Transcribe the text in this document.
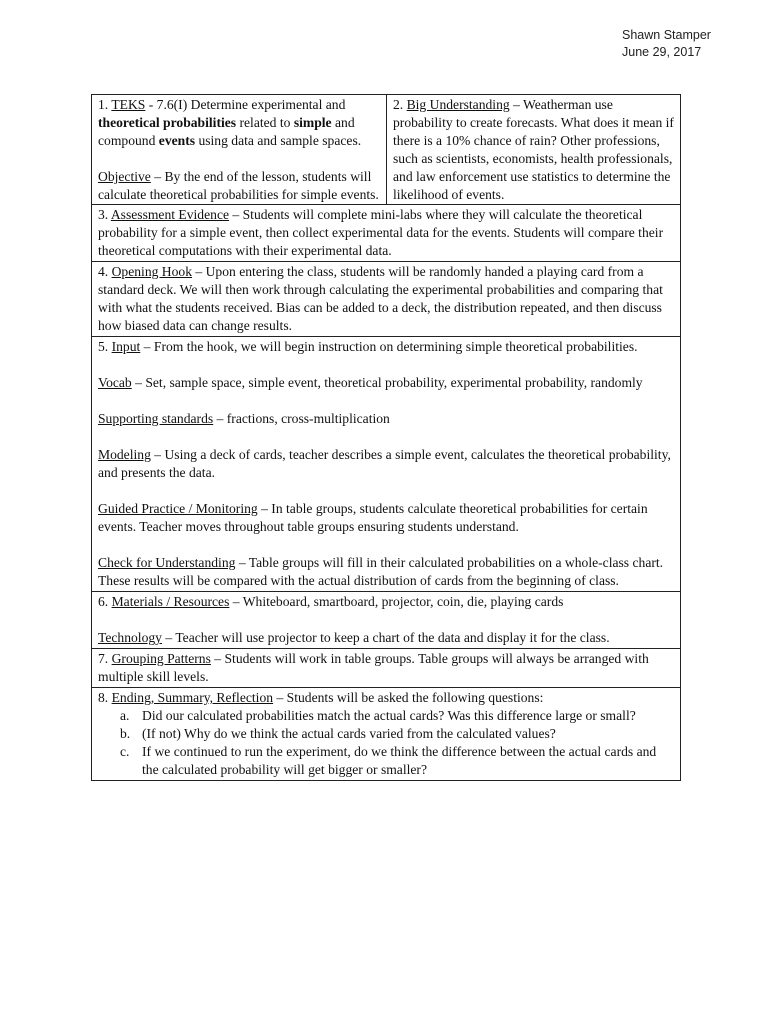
Shawn Stamper
June 29, 2017

1. TEKS - 7.6(I) Determine experimental and theoretical probabilities related to simple and compound events using data and sample spaces.

Objective – By the end of the lesson, students will calculate theoretical probabilities for simple events.

2. Big Understanding – Weatherman use probability to create forecasts. What does it mean if there is a 10% chance of rain? Other professions, such as scientists, economists, health professionals, and law enforcement use statistics to determine the likelihood of events.

3. Assessment Evidence – Students will complete mini-labs where they will calculate the theoretical probability for a simple event, then collect experimental data for the events. Students will compare their theoretical computations with their experimental data.

4. Opening Hook – Upon entering the class, students will be randomly handed a playing card from a standard deck. We will then work through calculating the experimental probabilities and comparing that with what the students received. Bias can be added to a deck, the distribution repeated, and then discuss how biased data can change results.

5. Input – From the hook, we will begin instruction on determining simple theoretical probabilities.

Vocab – Set, sample space, simple event, theoretical probability, experimental probability, randomly

Supporting standards – fractions, cross-multiplication

Modeling – Using a deck of cards, teacher describes a simple event, calculates the theoretical probability, and presents the data.

Guided Practice / Monitoring – In table groups, students calculate theoretical probabilities for certain events. Teacher moves throughout table groups ensuring students understand.

Check for Understanding – Table groups will fill in their calculated probabilities on a whole-class chart. These results will be compared with the actual distribution of cards from the beginning of class.

6. Materials / Resources – Whiteboard, smartboard, projector, coin, die, playing cards

Technology – Teacher will use projector to keep a chart of the data and display it for the class.

7. Grouping Patterns – Students will work in table groups. Table groups will always be arranged with multiple skill levels.

8. Ending, Summary, Reflection – Students will be asked the following questions:

a. Did our calculated probabilities match the actual cards? Was this difference large or small?
b. (If not) Why do we think the actual cards varied from the calculated values?
c. If we continued to run the experiment, do we think the difference between the actual cards and the calculated probability will get bigger or smaller?
